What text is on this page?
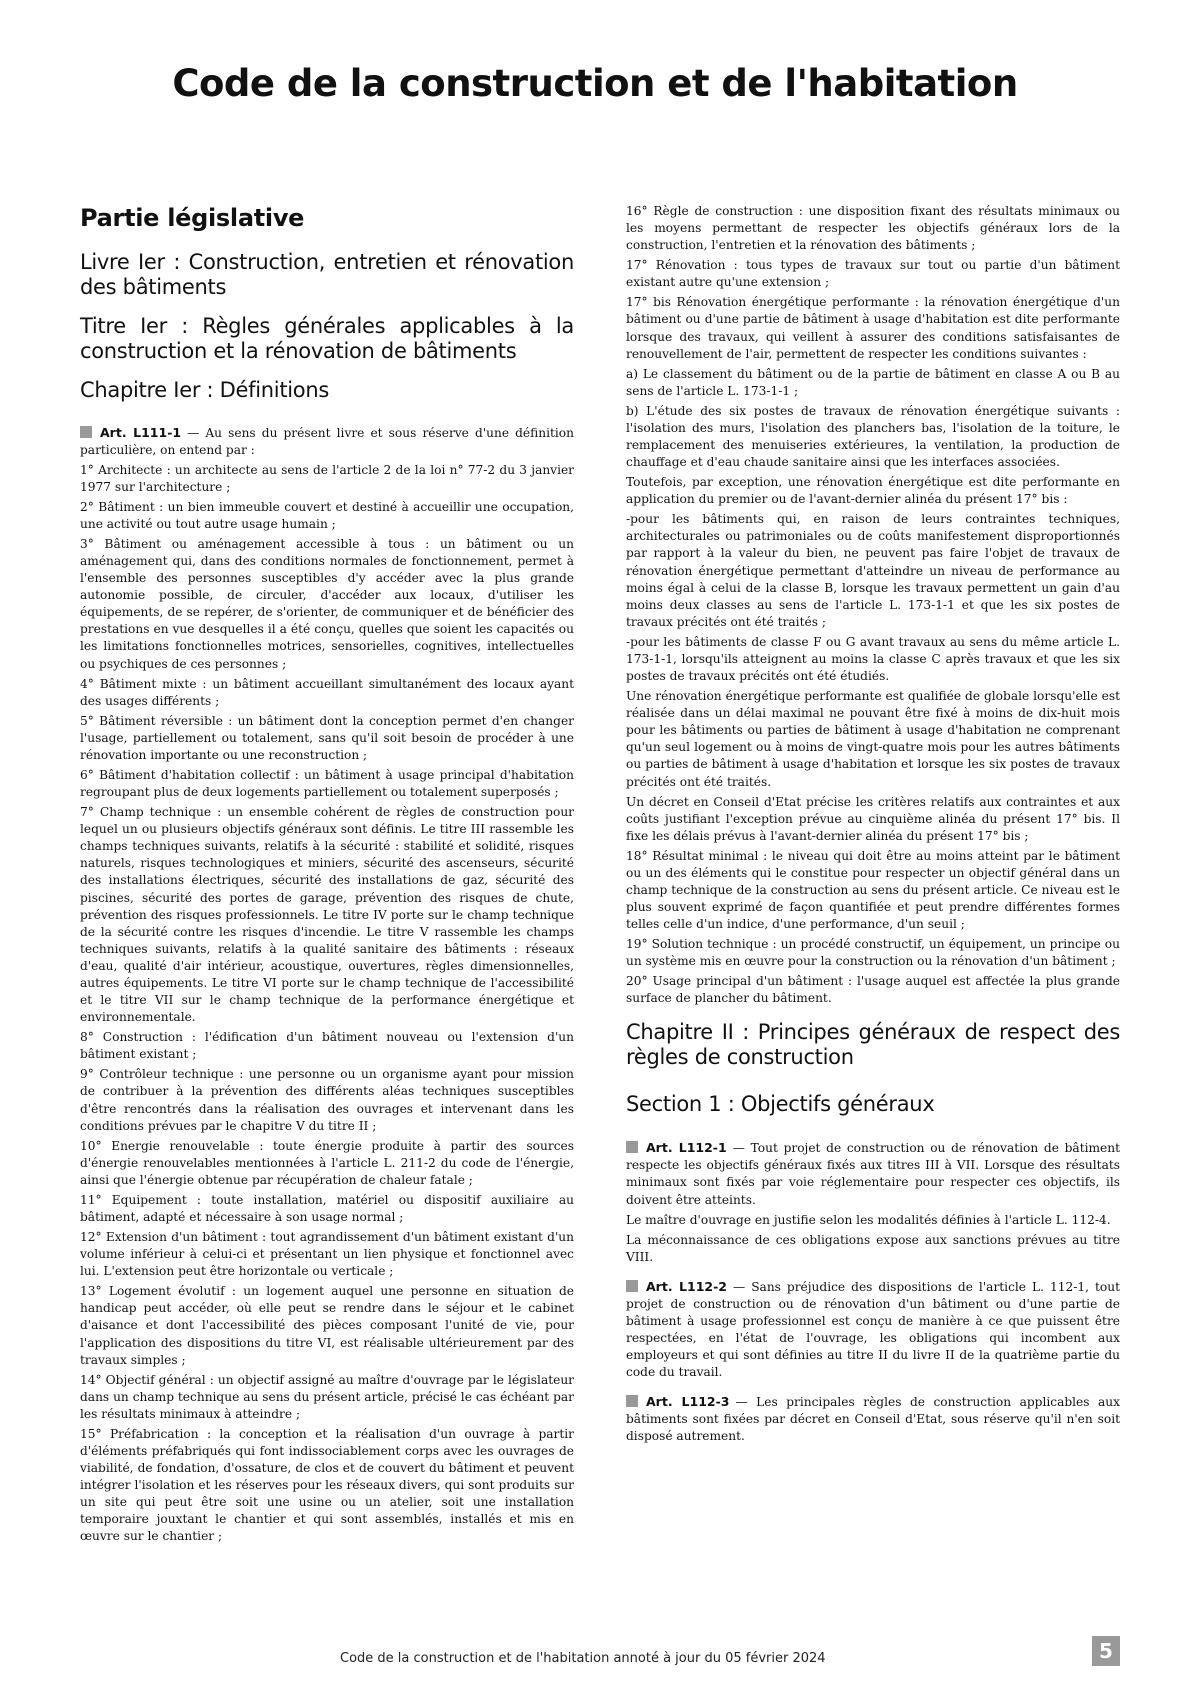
Code de la construction et de l'habitation
Partie législative
Livre Ier : Construction, entretien et rénovation des bâtiments
Titre Ier : Règles générales applicables à la construction et la rénovation de bâtiments
Chapitre Ier : Définitions

Art. L111-1 — Au sens du présent livre et sous réserve d'une définition particulière, on entend par :

1° Architecte : un architecte au sens de l'article 2 de la loi n° 77-2 du 3 janvier 1977 sur l'architecture ;

2° Bâtiment : un bien immeuble couvert et destiné à accueillir une occupation, une activité ou tout autre usage humain ;

3° Bâtiment ou aménagement accessible à tous : un bâtiment ou un aménagement qui, dans des conditions normales de fonctionnement, permet à l'ensemble des personnes susceptibles d'y accéder avec la plus grande autonomie possible, de circuler, d'accéder aux locaux, d'utiliser les équipements, de se repérer, de s'orienter, de communiquer et de bénéficier des prestations en vue desquelles il a été conçu, quelles que soient les capacités ou les limitations fonctionnelles motrices, sensorielles, cognitives, intellectuelles ou psychiques de ces personnes ;

4° Bâtiment mixte : un bâtiment accueillant simultanément des locaux ayant des usages différents ;

5° Bâtiment réversible : un bâtiment dont la conception permet d'en changer l'usage, partiellement ou totalement, sans qu'il soit besoin de procéder à une rénovation importante ou une reconstruction ;

6° Bâtiment d'habitation collectif : un bâtiment à usage principal d'habitation regroupant plus de deux logements partiellement ou totalement superposés ;

7° Champ technique : un ensemble cohérent de règles de construction pour lequel un ou plusieurs objectifs généraux sont définis. Le titre III rassemble les champs techniques suivants, relatifs à la sécurité : stabilité et solidité, risques naturels, risques technologiques et miniers, sécurité des ascenseurs, sécurité des installations électriques, sécurité des installations de gaz, sécurité des piscines, sécurité des portes de garage, prévention des risques de chute, prévention des risques professionnels. Le titre IV porte sur le champ technique de la sécurité contre les risques d'incendie. Le titre V rassemble les champs techniques suivants, relatifs à la qualité sanitaire des bâtiments : réseaux d'eau, qualité d'air intérieur, acoustique, ouvertures, règles dimensionnelles, autres équipements. Le titre VI porte sur le champ technique de l'accessibilité et le titre VII sur le champ technique de la performance énergétique et environnementale.

8° Construction : l'édification d'un bâtiment nouveau ou l'extension d'un bâtiment existant ;

9° Contrôleur technique : une personne ou un organisme ayant pour mission de contribuer à la prévention des différents aléas techniques susceptibles d'être rencontrés dans la réalisation des ouvrages et intervenant dans les conditions prévues par le chapitre V du titre II ;

10° Energie renouvelable : toute énergie produite à partir des sources d'énergie renouvelables mentionnées à l'article L. 211-2 du code de l'énergie, ainsi que l'énergie obtenue par récupération de chaleur fatale ;

11° Equipement : toute installation, matériel ou dispositif auxiliaire au bâtiment, adapté et nécessaire à son usage normal ;

12° Extension d'un bâtiment : tout agrandissement d'un bâtiment existant d'un volume inférieur à celui-ci et présentant un lien physique et fonctionnel avec lui. L'extension peut être horizontale ou verticale ;

13° Logement évolutif : un logement auquel une personne en situation de handicap peut accéder, où elle peut se rendre dans le séjour et le cabinet d'aisance et dont l'accessibilité des pièces composant l'unité de vie, pour l'application des dispositions du titre VI, est réalisable ultérieurement par des travaux simples ;

14° Objectif général : un objectif assigné au maître d'ouvrage par le législateur dans un champ technique au sens du présent article, précisé le cas échéant par les résultats minimaux à atteindre ;

15° Préfabrication : la conception et la réalisation d'un ouvrage à partir d'éléments préfabriqués qui font indissociablement corps avec les ouvrages de viabilité, de fondation, d'ossature, de clos et de couvert du bâtiment et peuvent intégrer l'isolation et les réserves pour les réseaux divers, qui sont produits sur un site qui peut être soit une usine ou un atelier, soit une installation temporaire jouxtant le chantier et qui sont assemblés, installés et mis en œuvre sur le chantier ;

16° Règle de construction : une disposition fixant des résultats minimaux ou les moyens permettant de respecter les objectifs généraux lors de la construction, l'entretien et la rénovation des bâtiments ;

17° Rénovation : tous types de travaux sur tout ou partie d'un bâtiment existant autre qu'une extension ;

17° bis Rénovation énergétique performante : la rénovation énergétique d'un bâtiment ou d'une partie de bâtiment à usage d'habitation est dite performante lorsque des travaux, qui veillent à assurer des conditions satisfaisantes de renouvellement de l'air, permettent de respecter les conditions suivantes :

a) Le classement du bâtiment ou de la partie de bâtiment en classe A ou B au sens de l'article L. 173-1-1 ;

b) L'étude des six postes de travaux de rénovation énergétique suivants : l'isolation des murs, l'isolation des planchers bas, l'isolation de la toiture, le remplacement des menuiseries extérieures, la ventilation, la production de chauffage et d'eau chaude sanitaire ainsi que les interfaces associées.

Toutefois, par exception, une rénovation énergétique est dite performante en application du premier ou de l'avant-dernier alinéa du présent 17° bis :

-pour les bâtiments qui, en raison de leurs contraintes techniques, architecturales ou patrimoniales ou de coûts manifestement disproportionnés par rapport à la valeur du bien, ne peuvent pas faire l'objet de travaux de rénovation énergétique permettant d'atteindre un niveau de performance au moins égal à celui de la classe B, lorsque les travaux permettent un gain d'au moins deux classes au sens de l'article L. 173-1-1 et que les six postes de travaux précités ont été traités ;

-pour les bâtiments de classe F ou G avant travaux au sens du même article L. 173-1-1, lorsqu'ils atteignent au moins la classe C après travaux et que les six postes de travaux précités ont été étudiés.

Une rénovation énergétique performante est qualifiée de globale lorsqu'elle est réalisée dans un délai maximal ne pouvant être fixé à moins de dix-huit mois pour les bâtiments ou parties de bâtiment à usage d'habitation ne comprenant qu'un seul logement ou à moins de vingt-quatre mois pour les autres bâtiments ou parties de bâtiment à usage d'habitation et lorsque les six postes de travaux précités ont été traités.

Un décret en Conseil d'Etat précise les critères relatifs aux contraintes et aux coûts justifiant l'exception prévue au cinquième alinéa du présent 17° bis. Il fixe les délais prévus à l'avant-dernier alinéa du présent 17° bis ;

18° Résultat minimal : le niveau qui doit être au moins atteint par le bâtiment ou un des éléments qui le constitue pour respecter un objectif général dans un champ technique de la construction au sens du présent article. Ce niveau est le plus souvent exprimé de façon quantifiée et peut prendre différentes formes telles celle d'un indice, d'une performance, d'un seuil ;

19° Solution technique : un procédé constructif, un équipement, un principe ou un système mis en œuvre pour la construction ou la rénovation d'un bâtiment ;

20° Usage principal d'un bâtiment : l'usage auquel est affectée la plus grande surface de plancher du bâtiment.

Chapitre II : Principes généraux de respect des règles de construction
Section 1 : Objectifs généraux

Art. L112-1 — Tout projet de construction ou de rénovation de bâtiment respecte les objectifs généraux fixés aux titres III à VII. Lorsque des résultats minimaux sont fixés par voie réglementaire pour respecter ces objectifs, ils doivent être atteints.

Le maître d'ouvrage en justifie selon les modalités définies à l'article L. 112-4.

La méconnaissance de ces obligations expose aux sanctions prévues au titre VIII.

Art. L112-2 — Sans préjudice des dispositions de l'article L. 112-1, tout projet de construction ou de rénovation d'un bâtiment ou d'une partie de bâtiment à usage professionnel est conçu de manière à ce que puissent être respectées, en l'état de l'ouvrage, les obligations qui incombent aux employeurs et qui sont définies au titre II du livre II de la quatrième partie du code du travail.

Art. L112-3 — Les principales règles de construction applicables aux bâtiments sont fixées par décret en Conseil d'Etat, sous réserve qu'il n'en soit disposé autrement.

Code de la construction et de l'habitation annoté à jour du 05 février 2024	5
